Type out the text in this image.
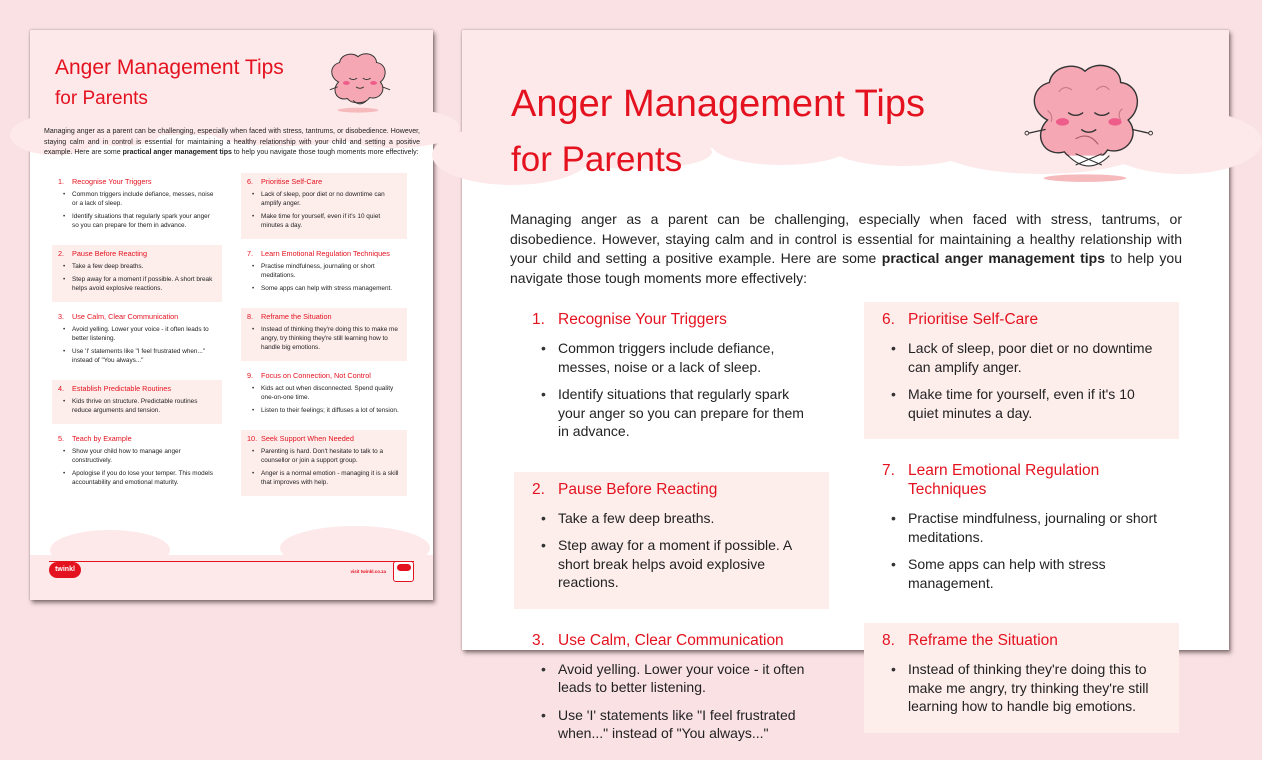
Anger Management Tips
for Parents

Managing anger as a parent can be challenging, especially when faced with stress, tantrums, or disobedience. However, staying calm and in control is essential for maintaining a healthy relationship with your child and setting a positive example. Here are some practical anger management tips to help you navigate those tough moments more effectively:

1.	Recognise Your Triggers
• Common triggers include defiance, messes, noise or a lack of sleep.
• Identify situations that regularly spark your anger so you can prepare for them in advance.
2.	Pause Before Reacting
• Take a few deep breaths.
• Step away for a moment if possible. A short break helps avoid explosive reactions.
3.	Use Calm, Clear Communication
• Avoid yelling. Lower your voice - it often leads to better listening.
• Use 'I' statements like "I feel frustrated when..." instead of "You always..."
4.	Establish Predictable Routines
• Kids thrive on structure. Predictable routines reduce arguments and tension.
5.	Teach by Example
• Show your child how to manage anger constructively.
• Apologise if you do lose your temper. This models accountability and emotional maturity.
6.	Prioritise Self-Care
• Lack of sleep, poor diet or no downtime can amplify anger.
• Make time for yourself, even if it's 10 quiet minutes a day.
7.	Learn Emotional Regulation Techniques
• Practise mindfulness, journaling or short meditations.
• Some apps can help with stress management.
8.	Reframe the Situation
• Instead of thinking they're doing this to make me angry, try thinking they're still learning how to handle big emotions.
9.	Focus on Connection, Not Control
• Kids act out when disconnected. Spend quality one-on-one time.
• Listen to their feelings; it diffuses a lot of tension.
10. Seek Support When Needed
• Parenting is hard. Don't hesitate to talk to a counsellor or join a support group.
• Anger is a normal emotion - managing it is a skill that improves with help.
twinkl	visit twinkl.co.za
Anger Management Tips
for Parents

Managing anger as a parent can be challenging, especially when faced with stress, tantrums, or disobedience. However, staying calm and in control is essential for maintaining a healthy relationship with your child and setting a positive example. Here are some practical anger management tips to help you navigate those tough moments more effectively:

1. Recognise Your Triggers
• Common triggers include defiance, messes, noise or a lack of sleep.
• Identify situations that regularly spark your anger so you can prepare for them in advance.
2. Pause Before Reacting
• Take a few deep breaths.
• Step away for a moment if possible. A short break helps avoid explosive reactions.
3. Use Calm, Clear Communication
• Avoid yelling. Lower your voice - it often leads to better listening.
• Use 'I' statements like "I feel frustrated when..." instead of "You always..."
6. Prioritise Self-Care
• Lack of sleep, poor diet or no downtime can amplify anger.
• Make time for yourself, even if it's 10 quiet minutes a day.
7. Learn Emotional Regulation Techniques
• Practise mindfulness, journaling or short meditations.
• Some apps can help with stress management.
8. Reframe the Situation
• Instead of thinking they're doing this to make me angry, try thinking they're still learning how to handle big emotions.
